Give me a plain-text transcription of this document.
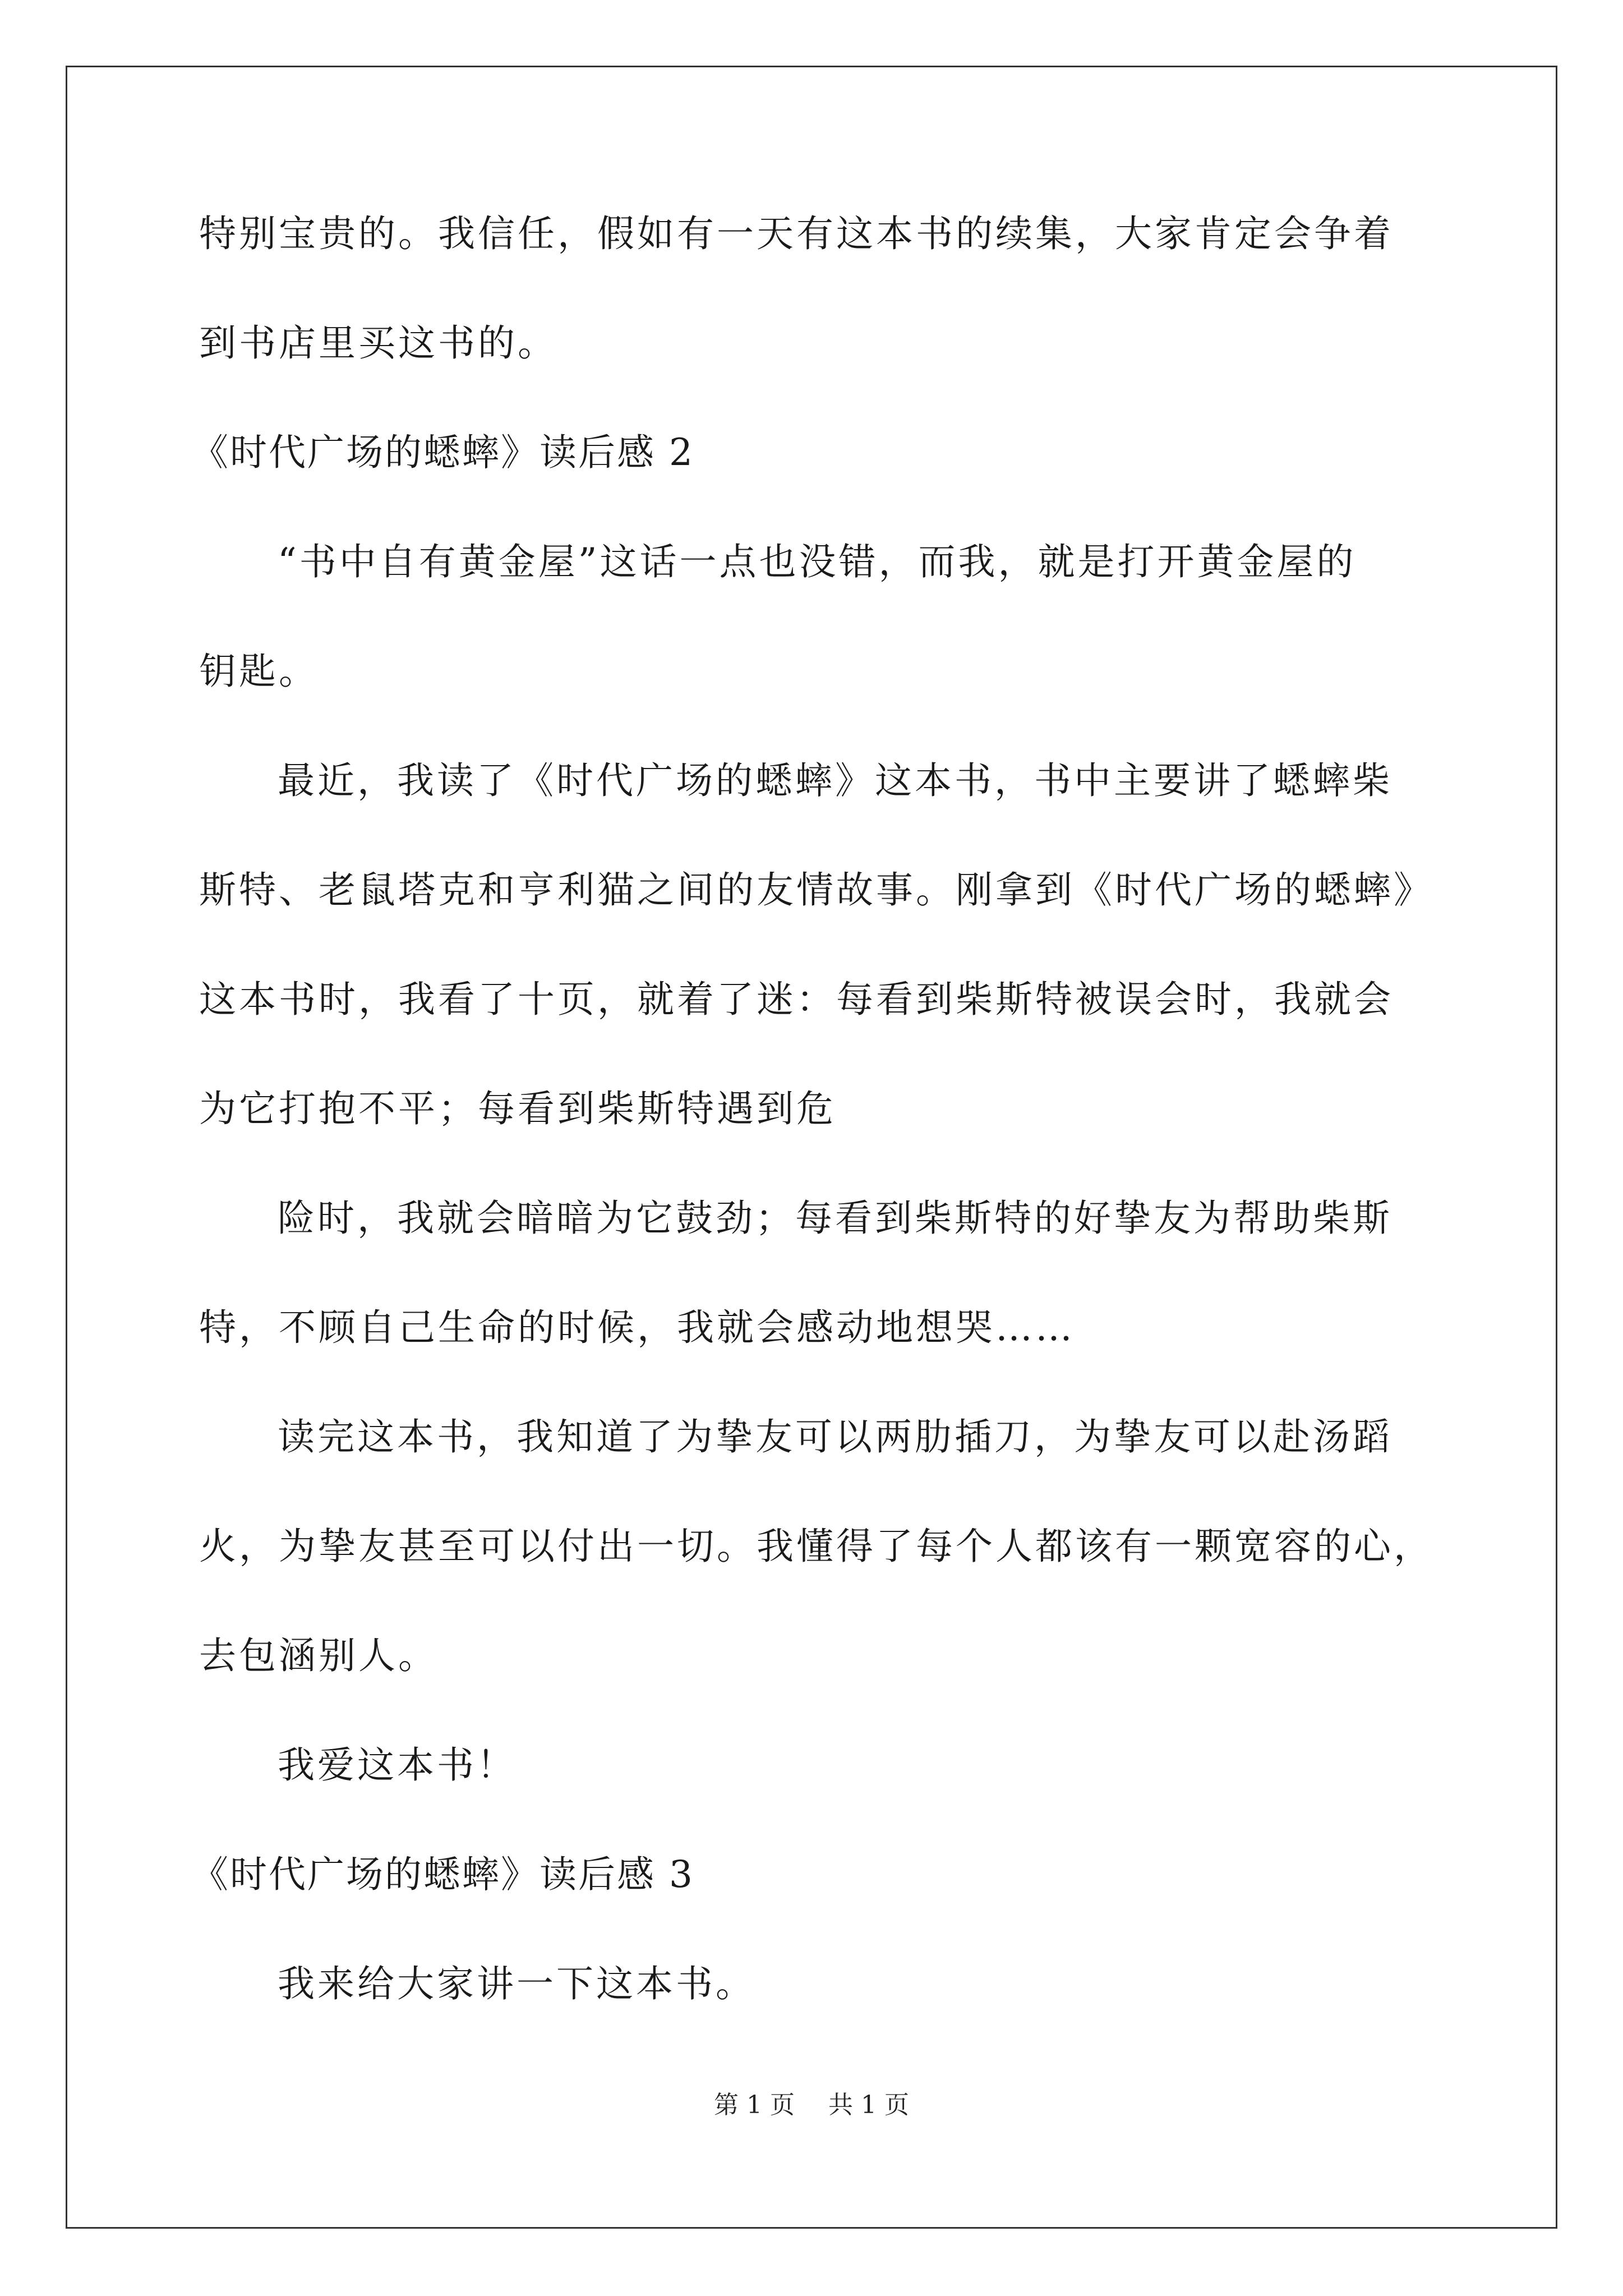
特别宝贵的。我信任，假如有一天有这本书的续集，大家肯定会争着
到书店里买这书的。
《时代广场的蟋蟀》读后感 2
“书中自有黄金屋”这话一点也没错，而我，就是打开黄金屋的
钥匙。
最近，我读了《时代广场的蟋蟀》这本书，书中主要讲了蟋蟀柴
斯特、老鼠塔克和亨利猫之间的友情故事。刚拿到《时代广场的蟋蟀》
这本书时，我看了十页，就着了迷：每看到柴斯特被误会时，我就会
为它打抱不平；每看到柴斯特遇到危
险时，我就会暗暗为它鼓劲；每看到柴斯特的好挚友为帮助柴斯
特，不顾自己生命的时候，我就会感动地想哭……
读完这本书，我知道了为挚友可以两肋插刀，为挚友可以赴汤蹈
火，为挚友甚至可以付出一切。我懂得了每个人都该有一颗宽容的心，
去包涵别人。
我爱这本书！
《时代广场的蟋蟀》读后感 3
我来给大家讲一下这本书。
第 1 页 共 1 页
